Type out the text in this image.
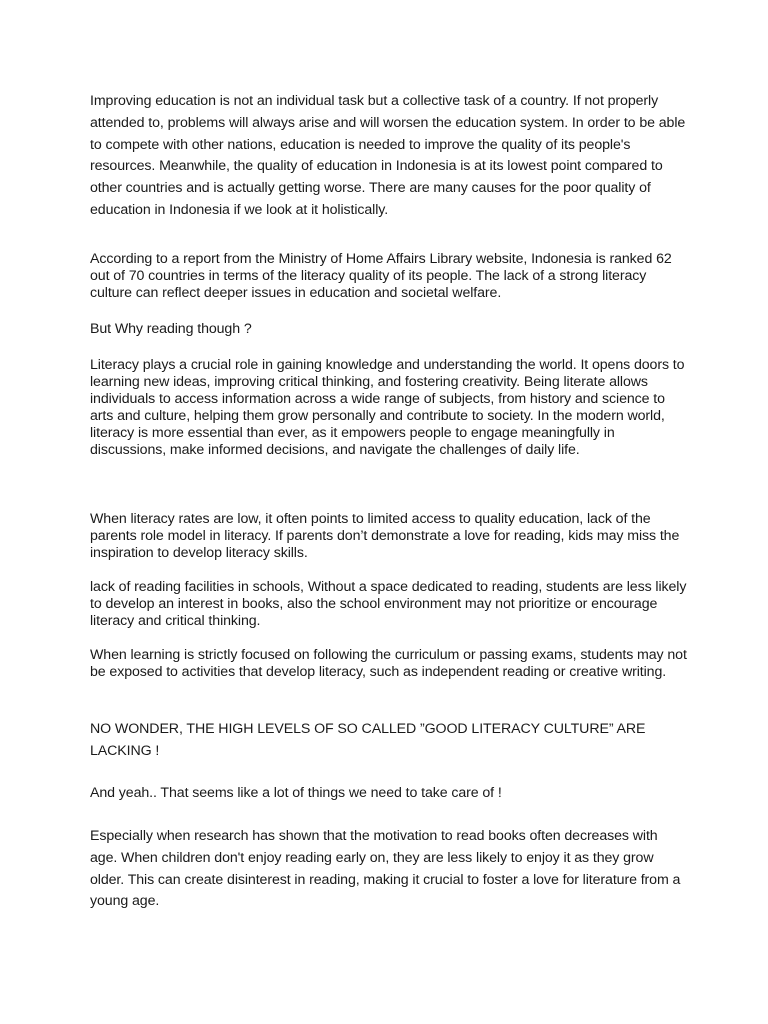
Improving education is not an individual task but a collective task of a country. If not properly attended to, problems will always arise and will worsen the education system. In order to be able to compete with other nations, education is needed to improve the quality of its people's resources. Meanwhile, the quality of education in Indonesia is at its lowest point compared to other countries and is actually getting worse. There are many causes for the poor quality of education in Indonesia if we look at it holistically.

According to a report from the Ministry of Home Affairs Library website, Indonesia is ranked 62 out of 70 countries in terms of the literacy quality of its people. The lack of a strong literacy culture can reflect deeper issues in education and societal welfare.

But Why reading though ?

Literacy plays a crucial role in gaining knowledge and understanding the world. It opens doors to learning new ideas, improving critical thinking, and fostering creativity. Being literate allows individuals to access information across a wide range of subjects, from history and science to arts and culture, helping them grow personally and contribute to society. In the modern world, literacy is more essential than ever, as it empowers people to engage meaningfully in discussions, make informed decisions, and navigate the challenges of daily life.

When literacy rates are low, it often points to limited access to quality education, lack of the parents role model in literacy. If parents don’t demonstrate a love for reading, kids may miss the inspiration to develop literacy skills.

lack of reading facilities in schools, Without a space dedicated to reading, students are less likely to develop an interest in books, also the school environment may not prioritize or encourage literacy and critical thinking.

When learning is strictly focused on following the curriculum or passing exams, students may not be exposed to activities that develop literacy, such as independent reading or creative writing.

NO WONDER, THE HIGH LEVELS OF SO CALLED ”GOOD LITERACY CULTURE” ARE LACKING !

And yeah.. That seems like a lot of things we need to take care of !

Especially when research has shown that the motivation to read books often decreases with age. When children don't enjoy reading early on, they are less likely to enjoy it as they grow older. This can create disinterest in reading, making it crucial to foster a love for literature from a young age.
